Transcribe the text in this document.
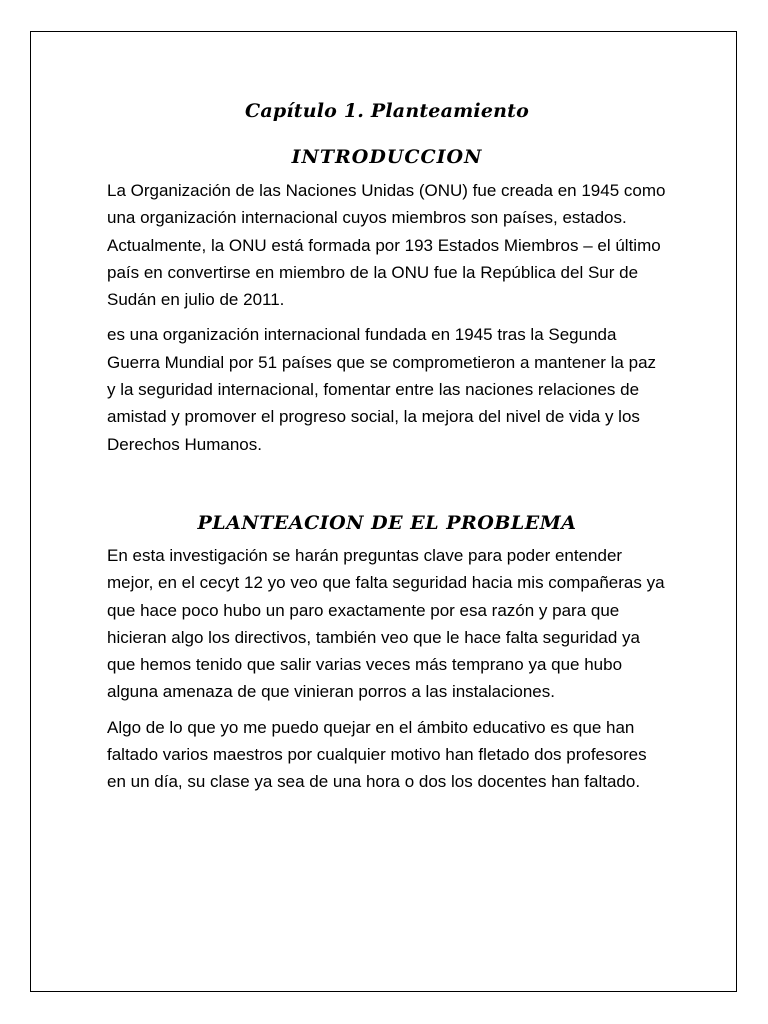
Capítulo 1. Planteamiento
INTRODUCCION

La Organización de las Naciones Unidas (ONU) fue creada en 1945 como una organización internacional cuyos miembros son países, estados. Actualmente, la ONU está formada por 193 Estados Miembros – el último país en convertirse en miembro de la ONU fue la República del Sur de Sudán en julio de 2011.

es una organización internacional fundada en 1945 tras la Segunda Guerra Mundial por 51 países que se comprometieron a mantener la paz y la seguridad internacional, fomentar entre las naciones relaciones de amistad y promover el progreso social, la mejora del nivel de vida y los Derechos Humanos.

PLANTEACION DE EL PROBLEMA

En esta investigación se harán preguntas clave para poder entender mejor, en el cecyt 12 yo veo que falta seguridad hacia mis compañeras ya que hace poco hubo un paro exactamente por esa razón y para que hicieran algo los directivos, también veo que le hace falta seguridad ya que hemos tenido que salir varias veces más temprano ya que hubo alguna amenaza de que vinieran porros a las instalaciones.

Algo de lo que yo me puedo quejar en el ámbito educativo es que han faltado varios maestros por cualquier motivo han fletado dos profesores en un día, su clase ya sea de una hora o dos los docentes han faltado.
